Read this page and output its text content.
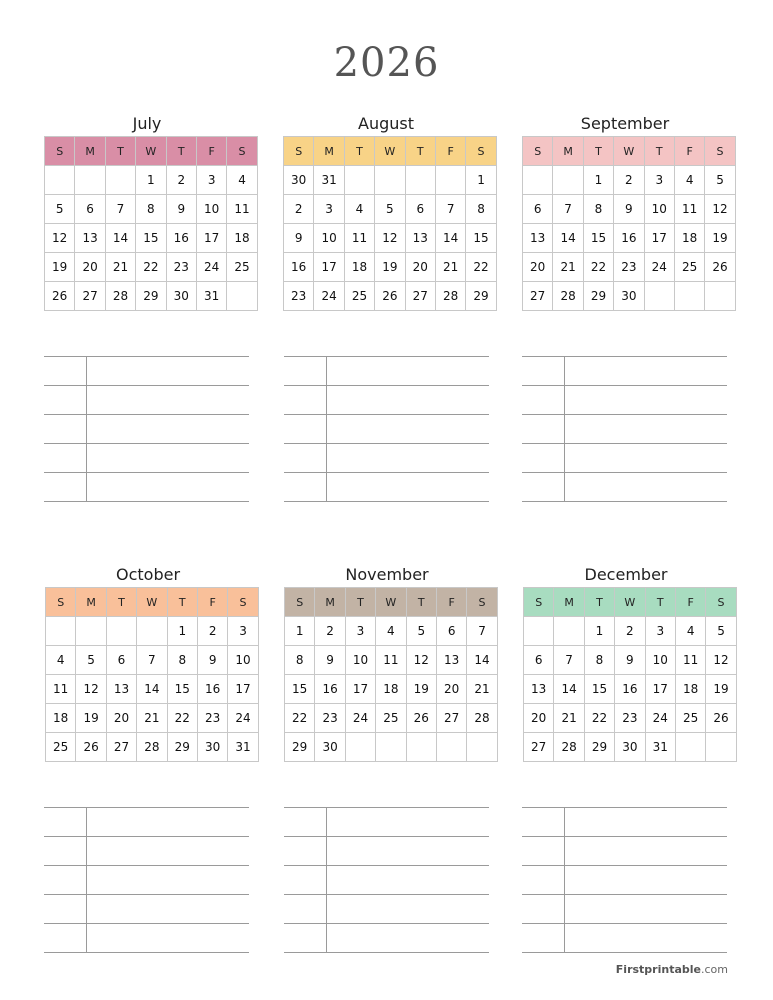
2026
July
S	M	T	W	T	F	S
			1	2	3	4
5	6	7	8	9	10	11
12	13	14	15	16	17	18
19	20	21	22	23	24	25
26	27	28	29	30	31	
August
S	M	T	W	T	F	S
30	31					1
2	3	4	5	6	7	8
9	10	11	12	13	14	15
16	17	18	19	20	21	22
23	24	25	26	27	28	29
September
S	M	T	W	T	F	S
		1	2	3	4	5
6	7	8	9	10	11	12
13	14	15	16	17	18	19
20	21	22	23	24	25	26
27	28	29	30			
October
S	M	T	W	T	F	S
				1	2	3
4	5	6	7	8	9	10
11	12	13	14	15	16	17
18	19	20	21	22	23	24
25	26	27	28	29	30	31
November
S	M	T	W	T	F	S
1	2	3	4	5	6	7
8	9	10	11	12	13	14
15	16	17	18	19	20	21
22	23	24	25	26	27	28
29	30					
December
S	M	T	W	T	F	S
		1	2	3	4	5
6	7	8	9	10	11	12
13	14	15	16	17	18	19
20	21	22	23	24	25	26
27	28	29	30	31		
Firstprintable.com
